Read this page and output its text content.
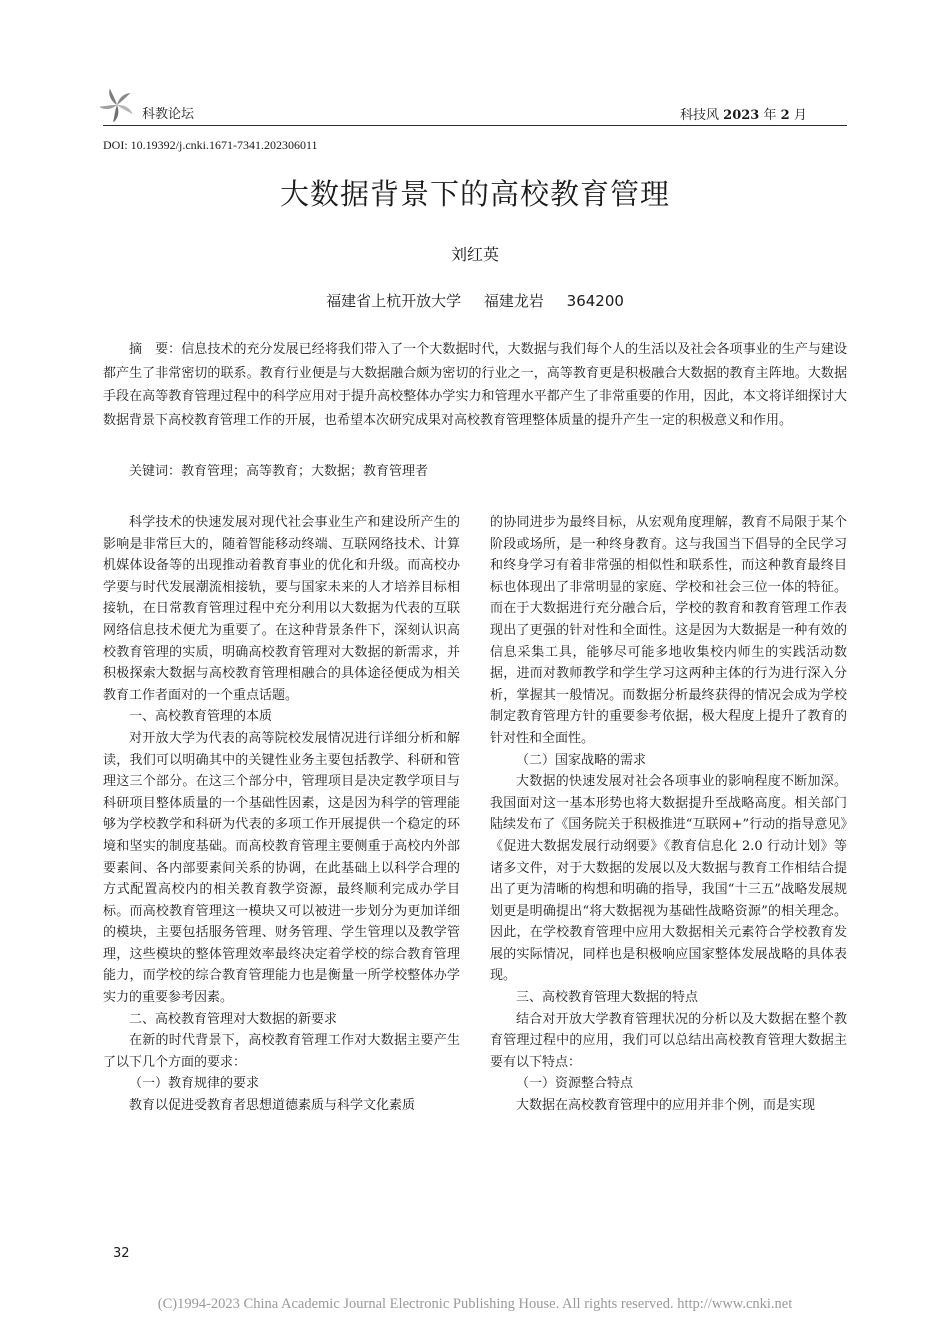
科教论坛	科技风 2023 年 2 月
DOI: 10.19392/j.cnki.1671-7341.202306011
大数据背景下的高校教育管理
刘红英
福建省上杭开放大学 福建龙岩 364200

摘　要：信息技术的充分发展已经将我们带入了一个大数据时代，大数据与我们每个人的生活以及社会各项事业的生产与建设都产生了非常密切的联系。教育行业便是与大数据融合颇为密切的行业之一，高等教育更是积极融合大数据的教育主阵地。大数据手段在高等教育管理过程中的科学应用对于提升高校整体办学实力和管理水平都产生了非常重要的作用，因此，本文将详细探讨大数据背景下高校教育管理工作的开展，也希望本次研究成果对高校教育管理整体质量的提升产生一定的积极意义和作用。

关键词：教育管理；高等教育；大数据；教育管理者

科学技术的快速发展对现代社会事业生产和建设所产生的影响是非常巨大的，随着智能移动终端、互联网络技术、计算机媒体设备等的出现推动着教育事业的优化和升级。而高校办学要与时代发展潮流相接轨，要与国家未来的人才培养目标相接轨，在日常教育管理过程中充分利用以大数据为代表的互联网络信息技术便尤为重要了。在这种背景条件下，深刻认识高校教育管理的实质，明确高校教育管理对大数据的新需求，并积极探索大数据与高校教育管理相融合的具体途径便成为相关教育工作者面对的一个重点话题。

一、高校教育管理的本质

对开放大学为代表的高等院校发展情况进行详细分析和解读，我们可以明确其中的关键性业务主要包括教学、科研和管理这三个部分。在这三个部分中，管理项目是决定教学项目与科研项目整体质量的一个基础性因素，这是因为科学的管理能够为学校教学和科研为代表的多项工作开展提供一个稳定的环境和坚实的制度基础。而高校教育管理主要侧重于高校内外部要素间、各内部要素间关系的协调，在此基础上以科学合理的方式配置高校内的相关教育教学资源，最终顺利完成办学目标。而高校教育管理这一模块又可以被进一步划分为更加详细的模块，主要包括服务管理、财务管理、学生管理以及教学管理，这些模块的整体管理效率最终决定着学校的综合教育管理能力，而学校的综合教育管理能力也是衡量一所学校整体办学实力的重要参考因素。

二、高校教育管理对大数据的新要求

在新的时代背景下，高校教育管理工作对大数据主要产生了以下几个方面的要求：

（一）教育规律的要求

教育以促进受教育者思想道德素质与科学文化素质

的协同进步为最终目标，从宏观角度理解，教育不局限于某个阶段或场所，是一种终身教育。这与我国当下倡导的全民学习和终身学习有着非常强的相似性和联系性，而这种教育最终目标也体现出了非常明显的家庭、学校和社会三位一体的特征。而在于大数据进行充分融合后，学校的教育和教育管理工作表现出了更强的针对性和全面性。这是因为大数据是一种有效的信息采集工具，能够尽可能多地收集校内师生的实践活动数据，进而对教师教学和学生学习这两种主体的行为进行深入分析，掌握其一般情况。而数据分析最终获得的情况会成为学校制定教育管理方针的重要参考依据，极大程度上提升了教育的针对性和全面性。

（二）国家战略的需求

大数据的快速发展对社会各项事业的影响程度不断加深。我国面对这一基本形势也将大数据提升至战略高度。相关部门陆续发布了《国务院关于积极推进“互联网+”行动的指导意见》《促进大数据发展行动纲要》《教育信息化 2.0 行动计划》等诸多文件，对于大数据的发展以及大数据与教育工作相结合提出了更为清晰的构想和明确的指导，我国“十三五”战略发展规划更是明确提出“将大数据视为基础性战略资源”的相关理念。因此，在学校教育管理中应用大数据相关元素符合学校教育发展的实际情况，同样也是积极响应国家整体发展战略的具体表现。

三、高校教育管理大数据的特点

结合对开放大学教育管理状况的分析以及大数据在整个教育管理过程中的应用，我们可以总结出高校教育管理大数据主要有以下特点：

（一）资源整合特点

大数据在高校教育管理中的应用并非个例，而是实现

32
(C)1994-2023 China Academic Journal Electronic Publishing House. All rights reserved. http://www.cnki.net
